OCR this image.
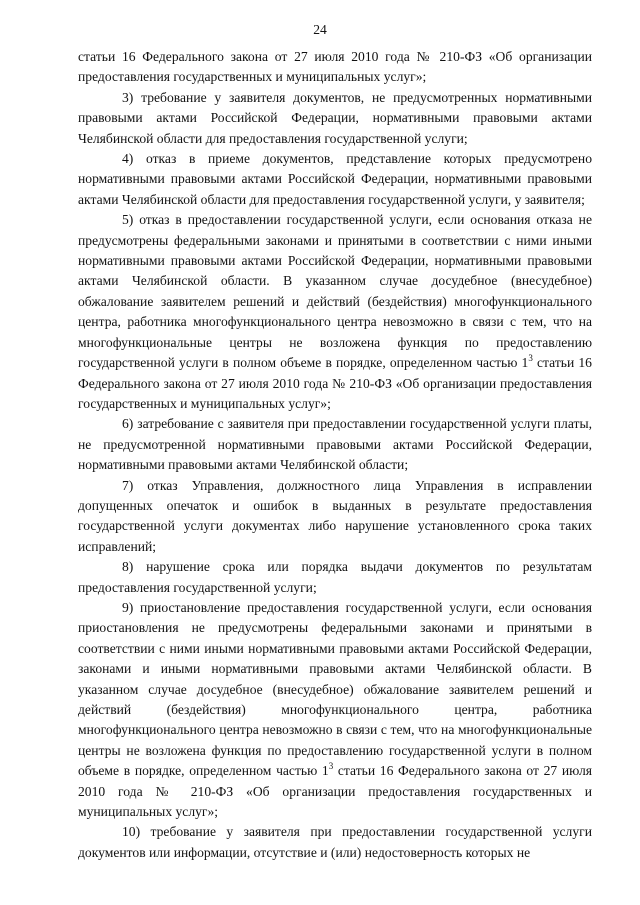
24

статьи 16 Федерального закона от 27 июля 2010 года № 210-ФЗ «Об организации предоставления государственных и муниципальных услуг»;

3) требование у заявителя документов, не предусмотренных нормативными правовыми актами Российской Федерации, нормативными правовыми актами Челябинской области для предоставления государственной услуги;

4) отказ в приеме документов, представление которых предусмотрено нормативными правовыми актами Российской Федерации, нормативными правовыми актами Челябинской области для предоставления государственной услуги, у заявителя;

5) отказ в предоставлении государственной услуги, если основания отказа не предусмотрены федеральными законами и принятыми в соответствии с ними иными нормативными правовыми актами Российской Федерации, нормативными правовыми актами Челябинской области. В указанном случае досудебное (внесудебное) обжалование заявителем решений и действий (бездействия) многофункционального центра, работника многофункционального центра невозможно в связи с тем, что на многофункциональные центры не возложена функция по предоставлению государственной услуги в полном объеме в порядке, определенном частью $1^3$ статьи 16 Федерального закона от 27 июля 2010 года № 210-ФЗ «Об организации предоставления государственных и муниципальных услуг»;

6) затребование с заявителя при предоставлении государственной услуги платы, не предусмотренной нормативными правовыми актами Российской Федерации, нормативными правовыми актами Челябинской области;

7) отказ Управления, должностного лица Управления в исправлении допущенных опечаток и ошибок в выданных в результате предоставления государственной услуги документах либо нарушение установленного срока таких исправлений;

8) нарушение срока или порядка выдачи документов по результатам предоставления государственной услуги;

9) приостановление предоставления государственной услуги, если основания приостановления не предусмотрены федеральными законами и принятыми в соответствии с ними иными нормативными правовыми актами Российской Федерации, законами и иными нормативными правовыми актами Челябинской области. В указанном случае досудебное (внесудебное) обжалование заявителем решений и действий (бездействия) многофункционального центра, работника многофункционального центра невозможно в связи с тем, что на многофункциональные центры не возложена функция по предоставлению государственной услуги в полном объеме в порядке, определенном частью $1^3$ статьи 16 Федерального закона от 27 июля 2010 года № 210-ФЗ «Об организации предоставления государственных и муниципальных услуг»;

10) требование у заявителя при предоставлении государственной услуги документов или информации, отсутствие и (или) недостоверность которых не
